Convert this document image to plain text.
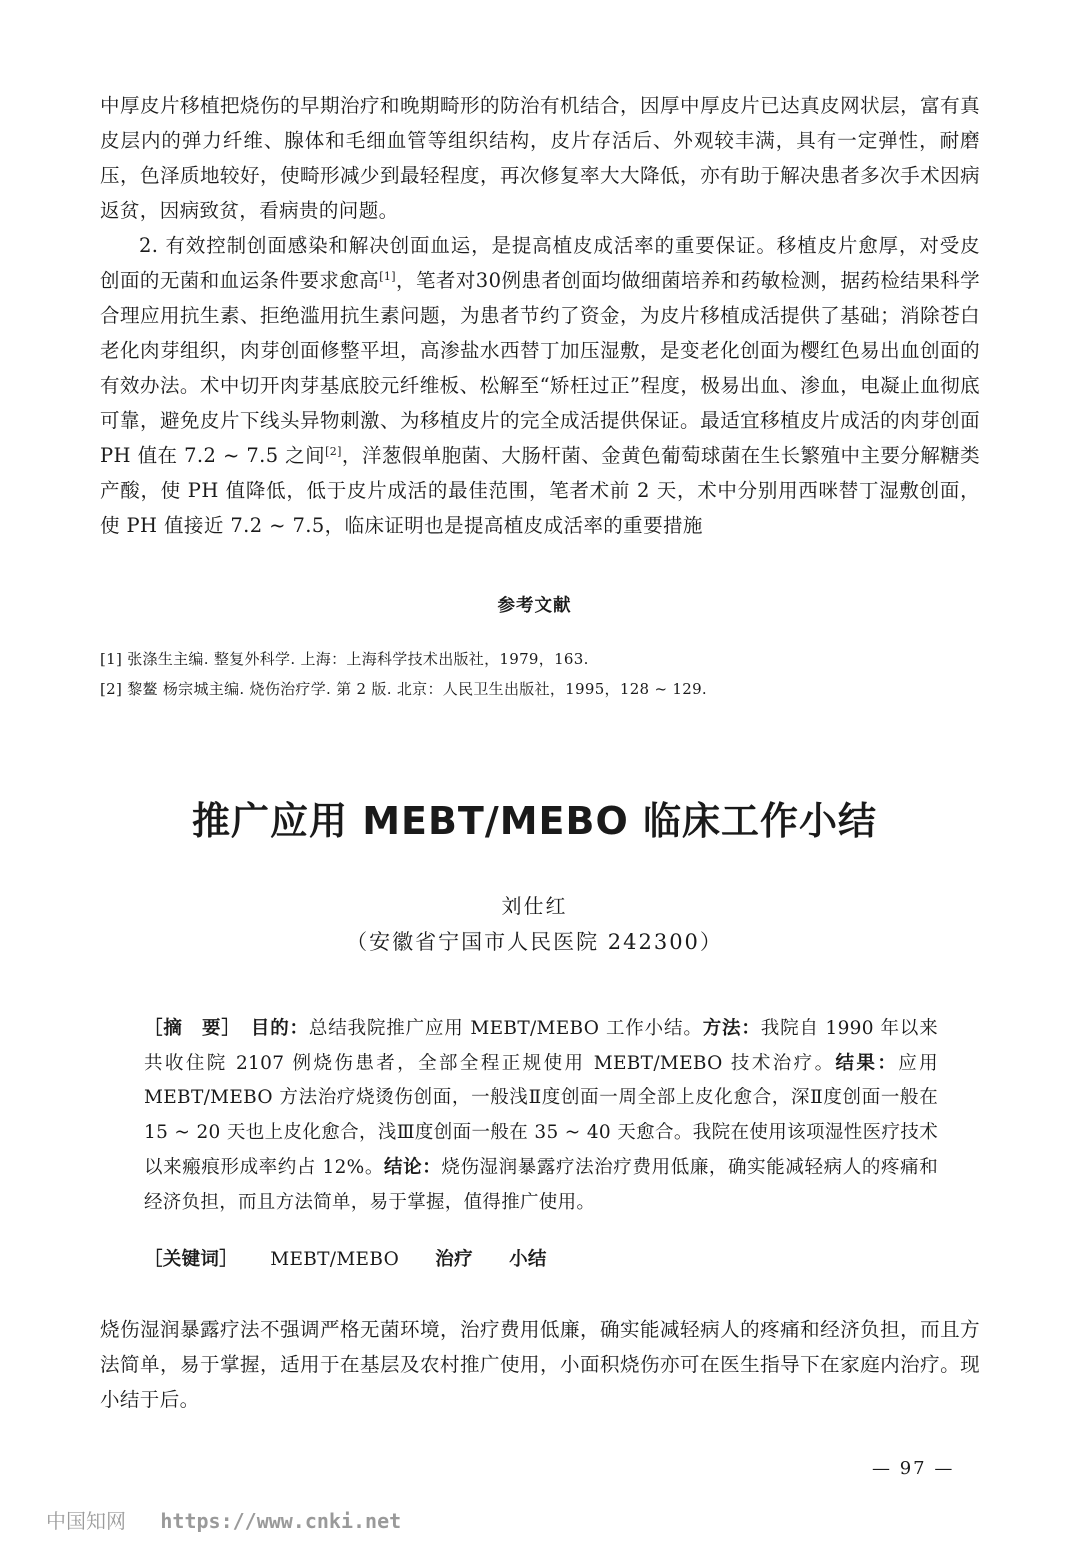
中厚皮片移植把烧伤的早期治疗和晚期畸形的防治有机结合，因厚中厚皮片已达真皮网状层，富有真皮层内的弹力纤维、腺体和毛细血管等组织结构，皮片存活后、外观较丰满，具有一定弹性，耐磨压，色泽质地较好，使畸形减少到最轻程度，再次修复率大大降低，亦有助于解决患者多次手术因病返贫，因病致贫，看病贵的问题。

2. 有效控制创面感染和解决创面血运，是提高植皮成活率的重要保证。移植皮片愈厚，对受皮创面的无菌和血运条件要求愈高[1]，笔者对30例患者创面均做细菌培养和药敏检测，据药检结果科学合理应用抗生素、拒绝滥用抗生素问题，为患者节约了资金，为皮片移植成活提供了基础；消除苍白老化肉芽组织，肉芽创面修整平坦，高渗盐水西替丁加压湿敷，是变老化创面为樱红色易出血创面的有效办法。术中切开肉芽基底胶元纤维板、松解至“矫枉过正”程度，极易出血、渗血，电凝止血彻底可靠，避免皮片下线头异物刺激、为移植皮片的完全成活提供保证。最适宜移植皮片成活的肉芽创面 PH 值在 7.2 ~ 7.5 之间[2]，洋葱假单胞菌、大肠杆菌、金黄色葡萄球菌在生长繁殖中主要分解糖类产酸，使 PH 值降低，低于皮片成活的最佳范围，笔者术前 2 天，术中分别用西咪替丁湿敷创面，使 PH 值接近 7.2 ~ 7.5，临床证明也是提高植皮成活率的重要措施

参考文献
[1] 张涤生主编. 整复外科学. 上海：上海科学技术出版社，1979，163.
[2] 黎鳌 杨宗城主编. 烧伤治疗学. 第 2 版. 北京：人民卫生出版社，1995，128 ~ 129.
推广应用 MEBT/MEBO 临床工作小结
刘仕红
（安徽省宁国市人民医院 242300）

［摘　要］　 目的：总结我院推广应用 MEBT/MEBO 工作小结。方法：我院自 1990 年以来共收住院 2107 例烧伤患者，全部全程正规使用 MEBT/MEBO 技术治疗。结果：应用 MEBT/MEBO 方法治疗烧烫伤创面，一般浅Ⅱ度创面一周全部上皮化愈合，深Ⅱ度创面一般在 15 ~ 20 天也上皮化愈合，浅Ⅲ度创面一般在 35 ~ 40 天愈合。我院在使用该项湿性医疗技术以来瘢痕形成率约占 12%。结论：烧伤湿润暴露疗法治疗费用低廉，确实能减轻病人的疼痛和经济负担，而且方法简单，易于掌握，值得推广使用。

［关键词］ MEBT/MEBO 治疗 小结

烧伤湿润暴露疗法不强调严格无菌环境，治疗费用低廉，确实能减轻病人的疼痛和经济负担，而且方法简单，易于掌握，适用于在基层及农村推广使用，小面积烧伤亦可在医生指导下在家庭内治疗。现小结于后。

— 97 —
中国知网 https://www.cnki.net
